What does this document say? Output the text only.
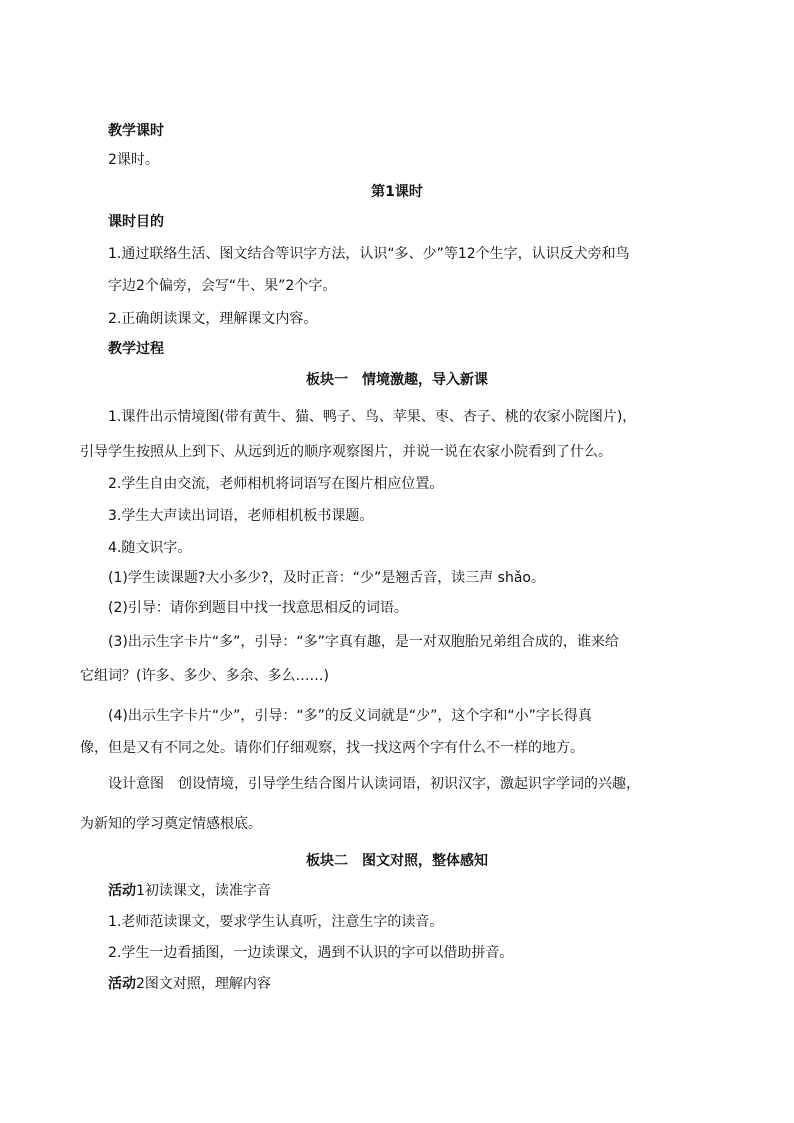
教学课时
2课时。
第1课时
课时目的
1.通过联络生活、图文结合等识字方法，认识“多、少”等12个生字，认识反犬旁和鸟
字边2个偏旁，会写“牛、果”2个字。
2.正确朗读课文，理解课文内容。
教学过程
板块一　情境激趣，导入新课
1.课件出示情境图(带有黄牛、猫、鸭子、鸟、苹果、枣、杏子、桃的农家小院图片)，
引导学生按照从上到下、从远到近的顺序观察图片，并说一说在农家小院看到了什么。
2.学生自由交流，老师相机将词语写在图片相应位置。
3.学生大声读出词语，老师相机板书课题。
4.随文识字。
(1)学生读课题?大小多少?，及时正音：“少”是翘舌音，读三声 shǎo。
(2)引导：请你到题目中找一找意思相反的词语。
(3)出示生字卡片“多”，引导：“多”字真有趣，是一对双胞胎兄弟组合成的，谁来给
它组词？(许多、多少、多余、多么……)
(4)出示生字卡片“少”，引导：“多”的反义词就是“少”，这个字和“小”字长得真
像，但是又有不同之处。请你们仔细观察，找一找这两个字有什么不一样的地方。
设计意图　创设情境，引导学生结合图片认读词语，初识汉字，激起识字学词的兴趣，
为新知的学习奠定情感根底。
板块二　图文对照，整体感知
活动1初读课文，读准字音
1.老师范读课文，要求学生认真听，注意生字的读音。
2.学生一边看插图，一边读课文，遇到不认识的字可以借助拼音。
活动2图文对照，理解内容
